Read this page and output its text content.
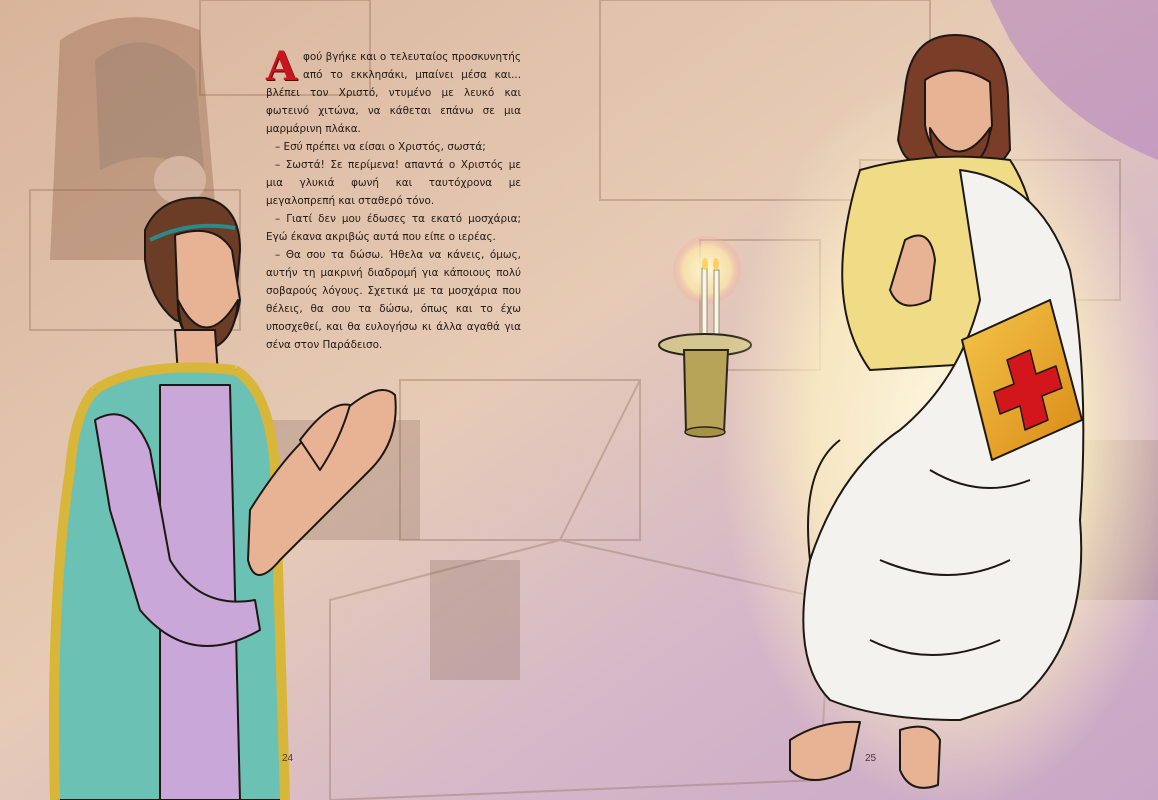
Αφού βγήκε και ο τελευταίος προσκυνητής από το εκκλησάκι, μπαίνει μέσα και... βλέπει τον Χριστό, ντυμένο με λευκό και φωτεινό χιτώνα, να κάθεται επάνω σε μια μαρμάρινη πλάκα.

– Εσύ πρέπει να είσαι ο Χριστός, σωστά;

– Σωστά! Σε περίμενα! απαντά ο Χριστός με μια γλυκιά φωνή και ταυτόχρονα με μεγαλοπρεπή και σταθερό τόνο.

– Γιατί δεν μου έδωσες τα εκατό μοσχάρια; Εγώ έκανα ακριβώς αυτά που είπε ο ιερέας.

– Θα σου τα δώσω. Ήθελα να κάνεις, όμως, αυτήν τη μακρινή διαδρομή για κάποιους πολύ σοβαρούς λόγους. Σχετικά με τα μοσχάρια που θέλεις, θα σου τα δώσω, όπως και το έχω υποσχεθεί, και θα ευλογήσω κι άλλα αγαθά για σένα στον Παράδεισο.

24	25
